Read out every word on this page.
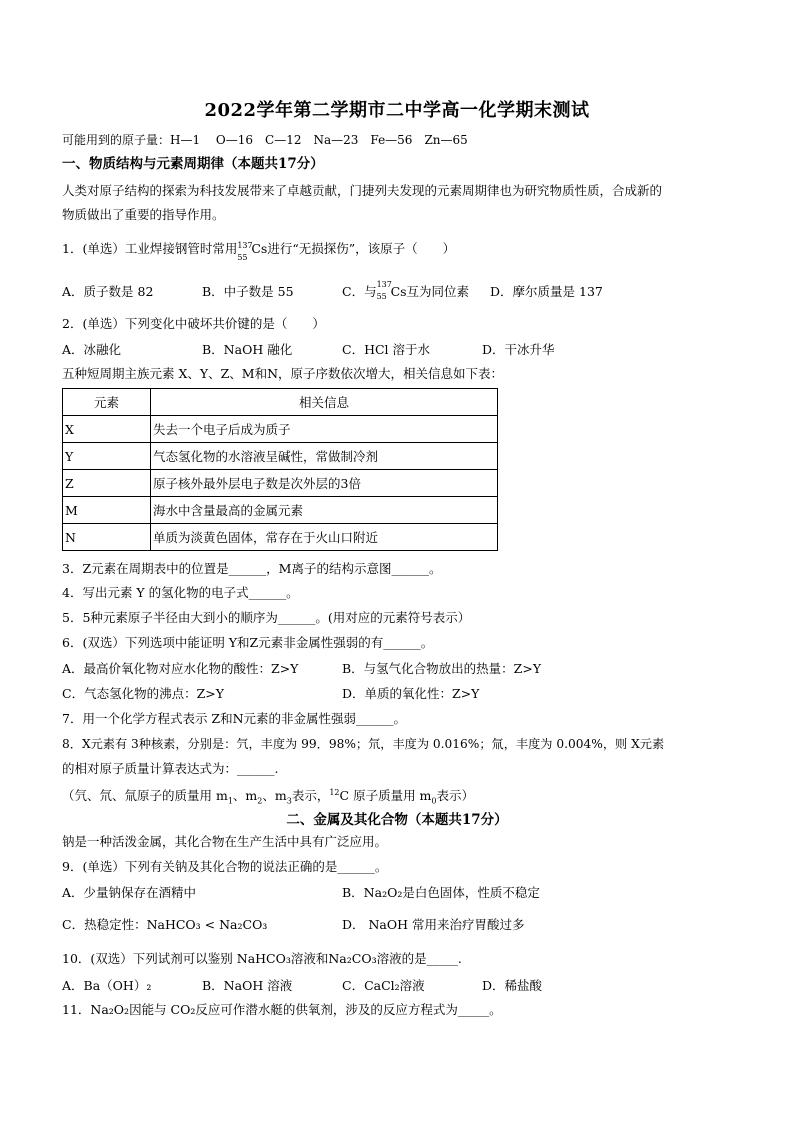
2022学年第二学期市二中学高一化学期末测试
可能用到的原子量：H—1　 O—16　C—12　Na—23　Fe—56　Zn—65
一、物质结构与元素周期律（本题共17分）
人类对原子结构的探索为科技发展带来了卓越贡献，门捷列夫发现的元素周期律也为研究物质性质，合成新的
物质做出了重要的指导作用。
1．(单选）工业焊接钢管时常用 137
55
Cs进行“无损探伤”，该原子（　　）
A．质子数是 82	B．中子数是 55	C．与 137
55 Cs互为同位素 D．摩尔质量是 137
2．(单选）下列变化中破坏共价键的是（　　）
A．冰融化	B．NaOH 融化	C．HCl 溶于水	D．干冰升华
五种短周期主族元素 X、Y、Z、M和N，原子序数依次增大，相关信息如下表：
元素	相关信息
X	失去一个电子后成为质子
Y	气态氢化物的水溶液呈碱性，常做制冷剂
Z	原子核外最外层电子数是次外层的3倍
M	海水中含量最高的金属元素
N	单质为淡黄色固体，常存在于火山口附近
3．Z元素在周期表中的位置是______，M离子的结构示意图______。
4．写出元素 Y 的氢化物的电子式______。
5．5种元素原子半径由大到小的顺序为______。(用对应的元素符号表示）
6．(双选）下列选项中能证明 Y和Z元素非金属性强弱的有______。
A．最高价氧化物对应水化物的酸性：Z>Y	B．与氢气化合物放出的热量：Z>Y
C．气态氢化物的沸点：Z>Y	D．单质的氧化性：Z>Y
7．用一个化学方程式表示 Z和N元素的非金属性强弱______。
8．X元素有 3种核素，分别是：氕，丰度为 99．98%；氘，丰度为 0.016%；氚，丰度为 0.004%，则 X元素
的相对原子质量计算表达式为：______.
（氕、氘、氚原子的质量用 $m_1$、$m_2$、$m_3$表示，$^{12}$C 原子质量用 $m_0$表示）
二、金属及其化合物（本题共17分）
钠是一种活泼金属，其化合物在生产生活中具有广泛应用。
9．(单选）下列有关钠及其化合物的说法正确的是______。
A．少量钠保存在酒精中	B．Na₂O₂是白色固体，性质不稳定
C．热稳定性：NaHCO₃ < Na₂CO₃	D． NaOH 常用来治疗胃酸过多
10．(双选）下列试剂可以鉴别 NaHCO₃溶液和Na₂CO₃溶液的是_____.
A．Ba（OH）₂	B．NaOH 溶液	C．CaCl₂溶液	D．稀盐酸
11．Na₂O₂因能与 CO₂反应可作潜水艇的供氧剂，涉及的反应方程式为_____。
